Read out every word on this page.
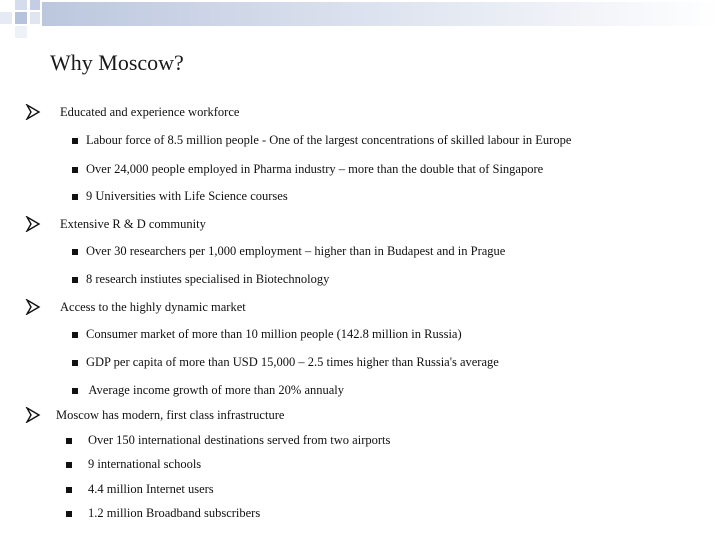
Why Moscow?
Educated and experience workforce
Labour force of 8.5 million people - One of the largest concentrations of skilled labour in Europe
Over 24,000 people employed in Pharma industry – more than the double that of Singapore
9 Universities with Life Science courses
Extensive R & D community
Over 30 researchers per 1,000 employment – higher than in Budapest and in Prague
8 research instiutes specialised in Biotechnology
Access to the highly dynamic market
Consumer market of more than 10 million people (142.8 million in Russia)
GDP per capita of more than USD 15,000 – 2.5 times higher than Russia's average
Average income growth of more than 20% annualy
Moscow has modern, first class infrastructure
Over 150 international destinations served from two airports
9 international schools
4.4 million Internet users
1.2 million Broadband subscribers
